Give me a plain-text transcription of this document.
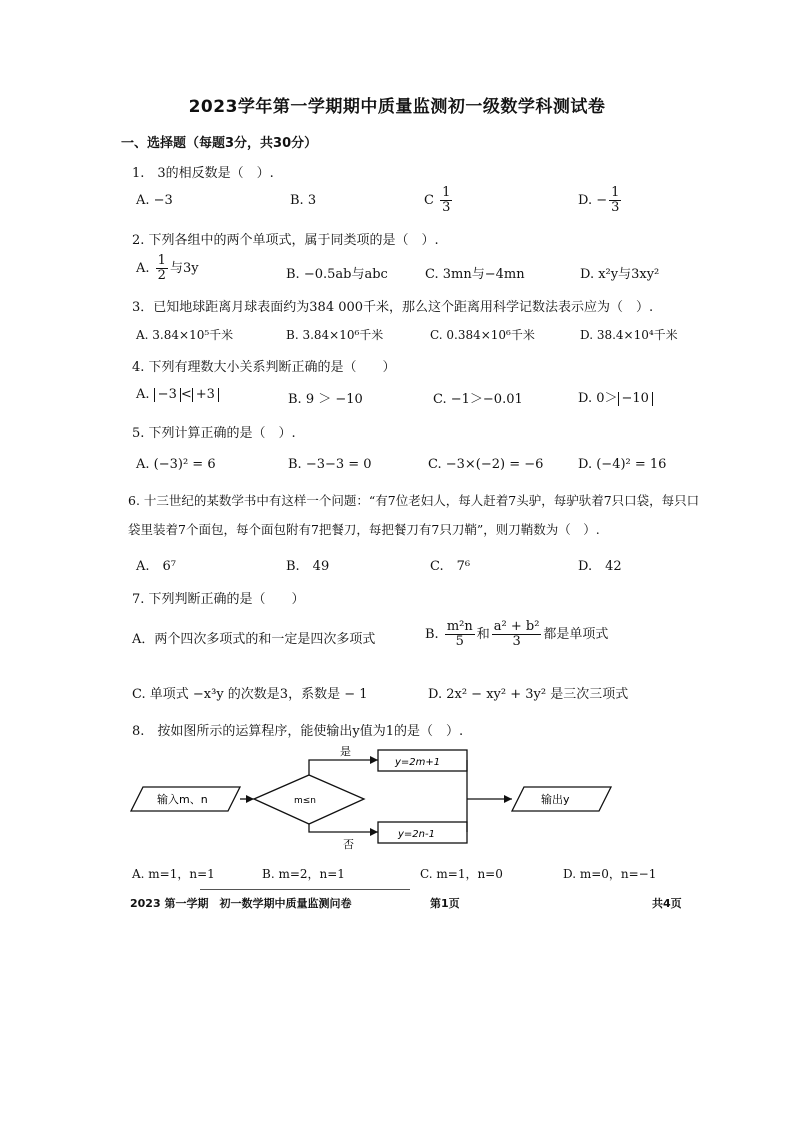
2023学年第一学期期中质量监测初一级数学科测试卷
一、选择题（每题3分，共30分）
1.　3的相反数是（　）.
A. −3	B. 3	C $\frac{1}{3}$	D. − $\frac{1}{3}$
2. 下列各组中的两个单项式，属于同类项的是（　）.
A. $\frac{1}{2}$ 与3y	B. −0.5ab与abc	C. 3mn与−4mn	D. x²y与3xy²
3．已知地球距离月球表面约为384 000千米，那么这个距离用科学记数法表示应为（　）.
A. 3.84×10⁵千米	B. 3.84×10⁶千米	C. 0.384×10⁶千米	D. 38.4×10⁴千米
4. 下列有理数大小关系判断正确的是（　　）
A. −3 < +3	B. 9 ＞ −10	C. −1＞−0.01	D. 0＞ −10
5. 下列计算正确的是（　）.
A. (−3)² = 6	B. −3−3 = 0	C. −3×(−2) = −6	D. (−4)² = 16
6. 十三世纪的某数学书中有这样一个问题：“有7位老妇人，每人赶着7头驴，每驴驮着7只口袋，每只口
袋里装着7个面包，每个面包附有7把餐刀，每把餐刀有7只刀鞘”，则刀鞘数为（　）.
A.　6⁷	B.　49	C.　7⁶	D.　42
7. 下列判断正确的是（　　）
A．两个四次多项式的和一定是四次多项式	B. $\frac{\text{m²n}}{5}$ 和 $\frac{\text{a² + b²}}{3}$ 都是单项式
C. 单项式 −x³y 的次数是3，系数是 − 1	D. 2x² − xy² + 3y² 是三次三项式
8.　按如图所示的运算程序，能使输出y值为1的是（　）.
输入m、n	m≤n
是
否
y=2m+1
y=2n-1
输出y
A. m=1，n=1	B. m=2，n=1	C. m=1，n=0	D. m=0，n=−1
2023 第一学期　初一数学期中质量监测问卷	第1页	共4页
